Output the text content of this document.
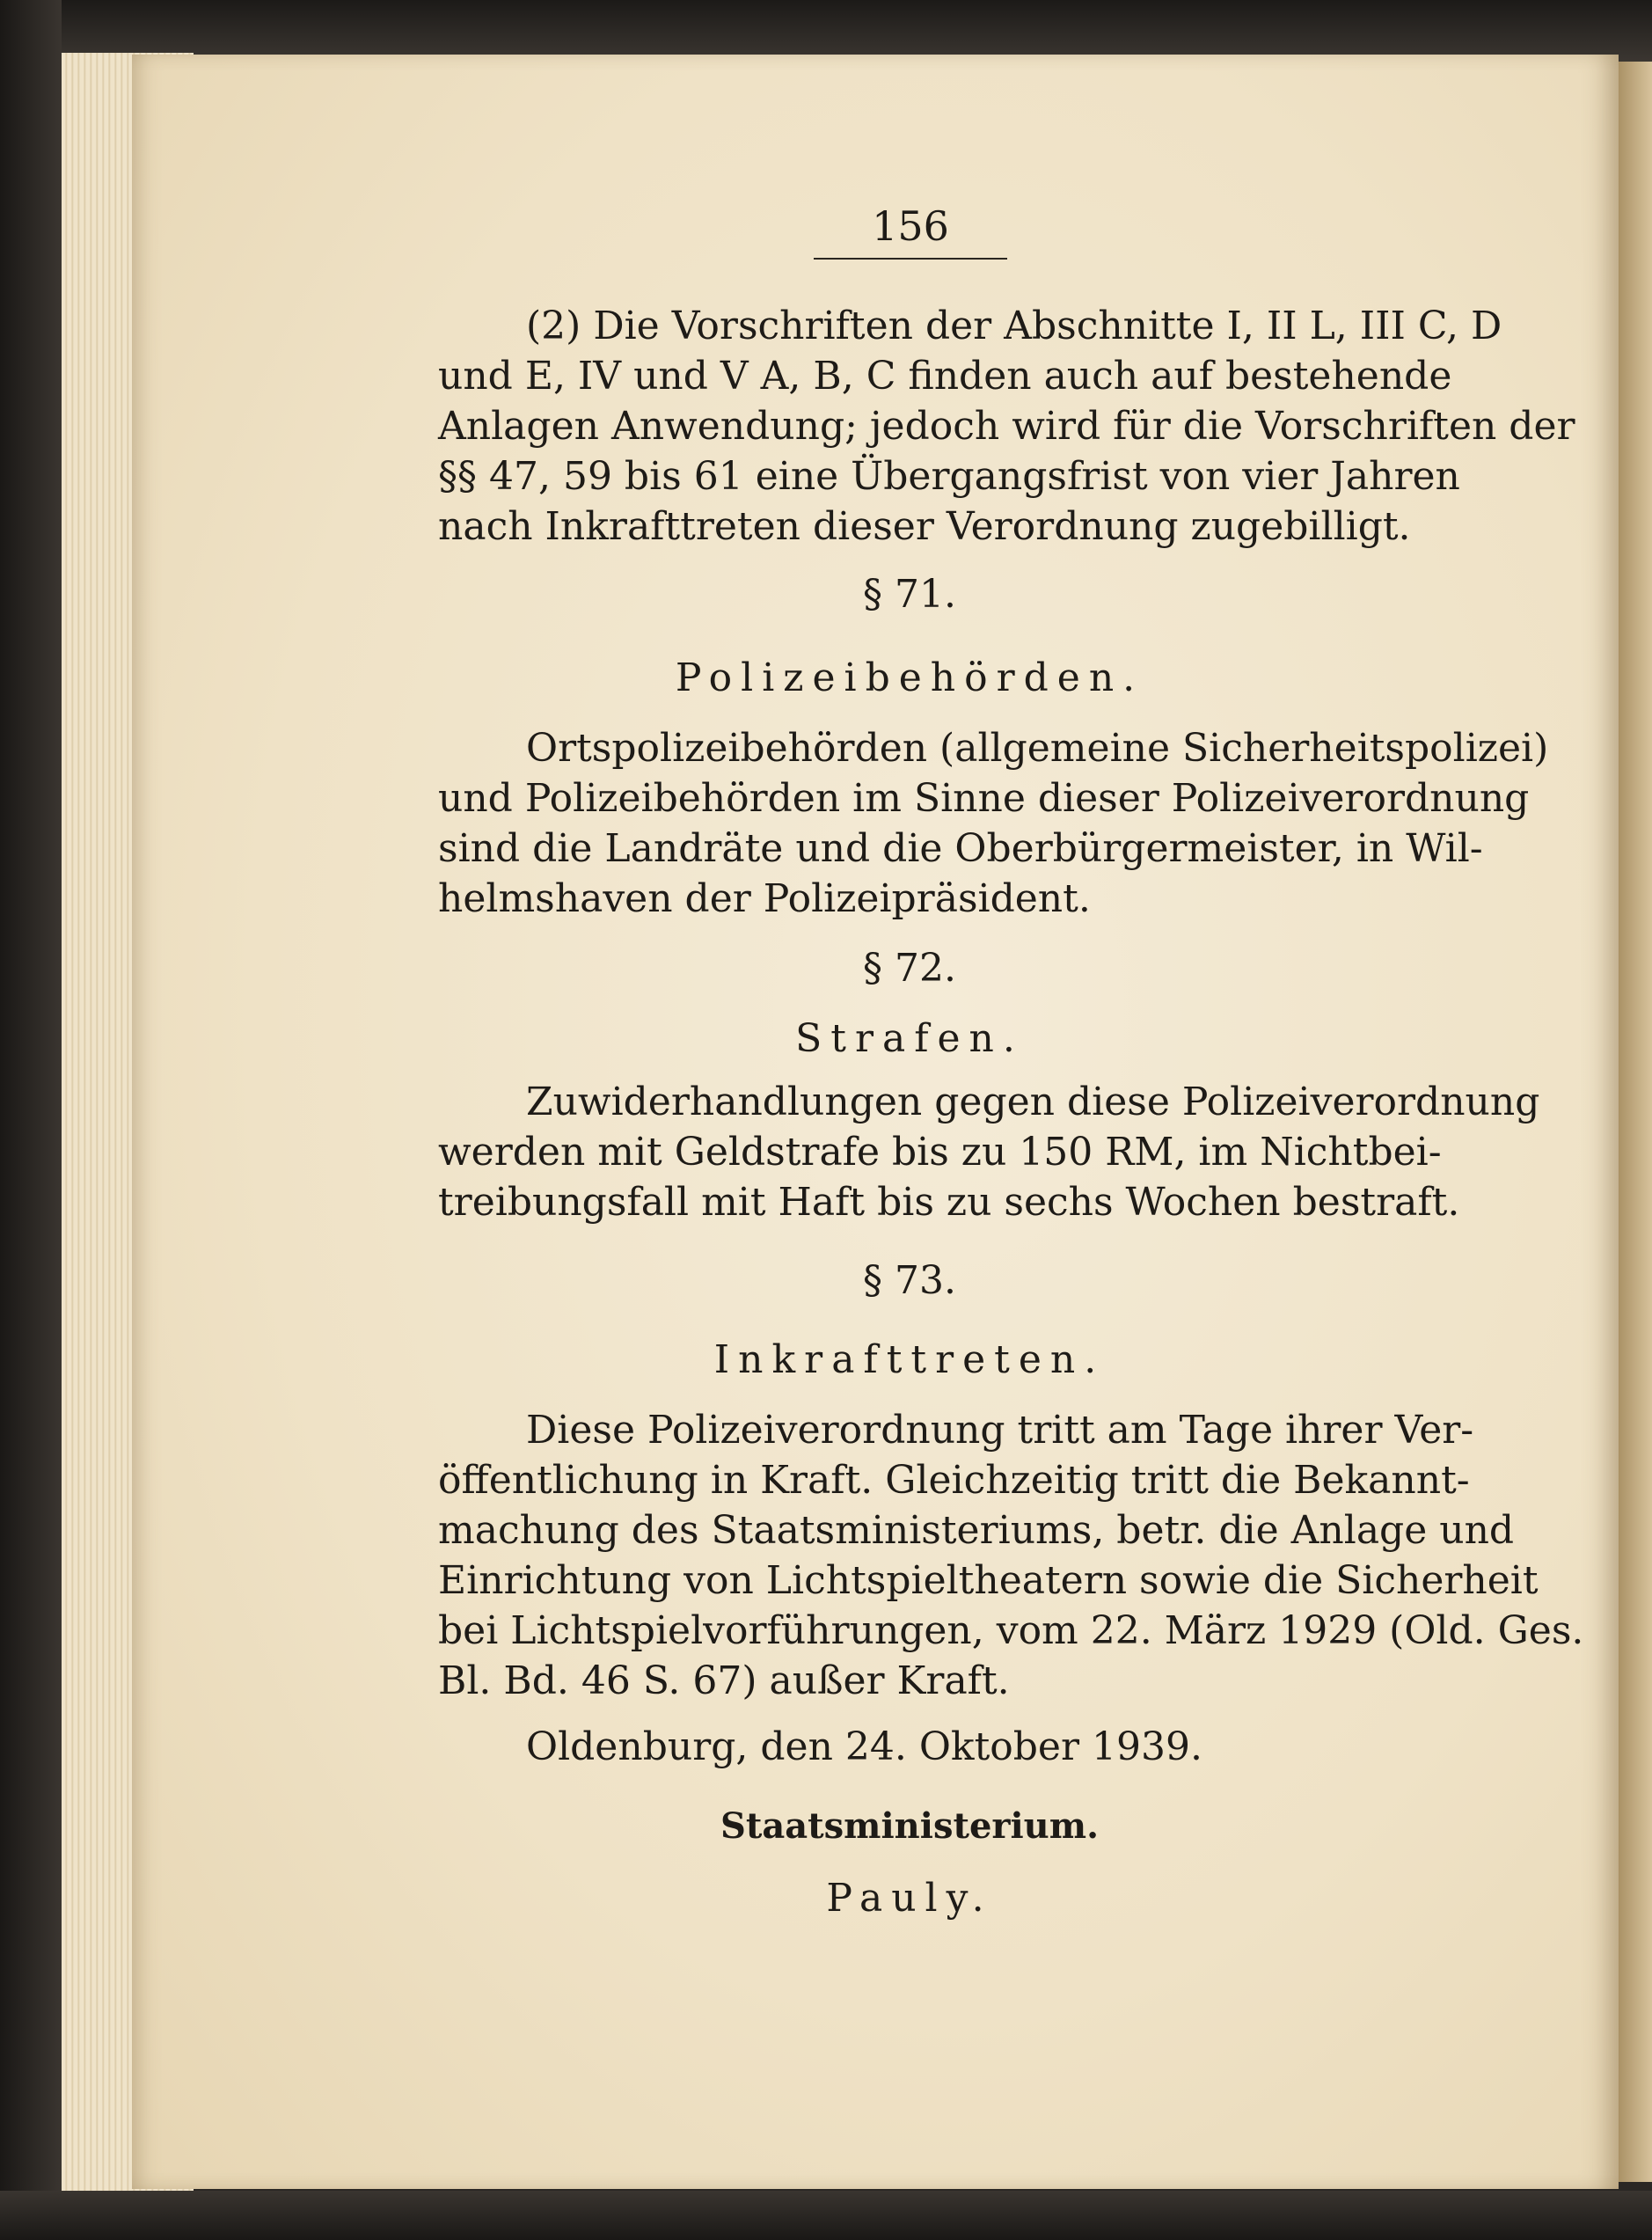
156
(2) Die Vorschriften der Abschnitte I, II L, III C, D
und E, IV und V A, B, C finden auch auf bestehende
Anlagen Anwendung; jedoch wird für die Vorschriften der
§§ 47, 59 bis 61 eine Übergangsfrist von vier Jahren
nach Inkrafttreten dieser Verordnung zugebilligt.
§ 71.
Polizeibehörden.
Ortspolizeibehörden (allgemeine Sicherheitspolizei)
und Polizeibehörden im Sinne dieser Polizeiverordnung
sind die Landräte und die Oberbürgermeister, in Wil-
helmshaven der Polizeipräsident.
§ 72.
Strafen.
Zuwiderhandlungen gegen diese Polizeiverordnung
werden mit Geldstrafe bis zu 150 RM, im Nichtbei-
treibungsfall mit Haft bis zu sechs Wochen bestraft.
§ 73.
Inkrafttreten.
Diese Polizeiverordnung tritt am Tage ihrer Ver-
öffentlichung in Kraft. Gleichzeitig tritt die Bekannt-
machung des Staatsministeriums, betr. die Anlage und
Einrichtung von Lichtspieltheatern sowie die Sicherheit
bei Lichtspielvorführungen, vom 22. März 1929 (Old. Ges.
Bl. Bd. 46 S. 67) außer Kraft.
Oldenburg, den 24. Oktober 1939.
Staatsministerium.
Pauly.
